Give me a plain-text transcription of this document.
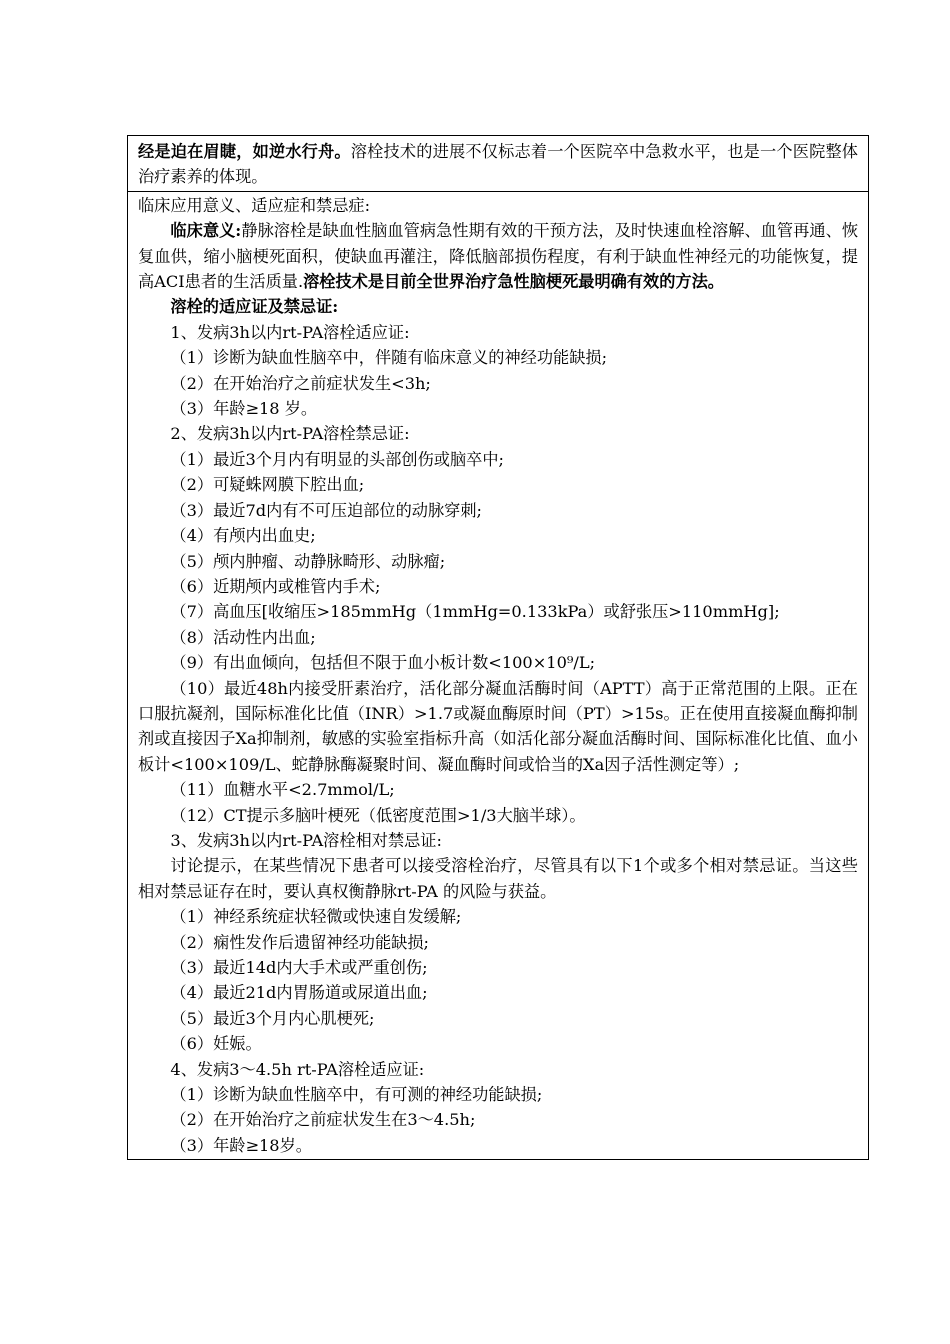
经是迫在眉睫，如逆水行舟。溶栓技术的进展不仅标志着一个医院卒中急救水平，也是一个医院整体治疗素养的体现。

临床应用意义、适应症和禁忌症:

临床意义:静脉溶栓是缺血性脑血管病急性期有效的干预方法，及时快速血栓溶解、血管再通、恢复血供，缩小脑梗死面积，使缺血再灌注，降低脑部损伤程度，有利于缺血性神经元的功能恢复，提高ACI患者的生活质量.溶栓技术是目前全世界治疗急性脑梗死最明确有效的方法。

溶栓的适应证及禁忌证:

1、发病3h以内rt-PA溶栓适应证:

（1）诊断为缺血性脑卒中，伴随有临床意义的神经功能缺损;

（2）在开始治疗之前症状发生<3h;

（3）年龄≥18 岁。

2、发病3h以内rt-PA溶栓禁忌证:

（1）最近3个月内有明显的头部创伤或脑卒中;

（2）可疑蛛网膜下腔出血;

（3）最近7d内有不可压迫部位的动脉穿刺;

（4）有颅内出血史;

（5）颅内肿瘤、动静脉畸形、动脉瘤;

（6）近期颅内或椎管内手术;

（7）高血压[收缩压>185mmHg（1mmHg=0.133kPa）或舒张压>110mmHg];

（8）活动性内出血;

（9）有出血倾向，包括但不限于血小板计数<100×10⁹/L;

（10）最近48h内接受肝素治疗，活化部分凝血活酶时间（APTT）高于正常范围的上限。正在口服抗凝剂，国际标准化比值（INR）>1.7或凝血酶原时间（PT）>15s。正在使用直接凝血酶抑制剂或直接因子Xa抑制剂，敏感的实验室指标升高（如活化部分凝血活酶时间、国际标准化比值、血小板计<100×109/L、蛇静脉酶凝聚时间、凝血酶时间或恰当的Xa因子活性测定等）;

（11）血糖水平<2.7mmol/L;

（12）CT提示多脑叶梗死（低密度范围>1/3大脑半球）。

3、发病3h以内rt-PA溶栓相对禁忌证:

讨论提示，在某些情况下患者可以接受溶栓治疗，尽管具有以下1个或多个相对禁忌证。当这些相对禁忌证存在时，要认真权衡静脉rt-PA 的风险与获益。

（1）神经系统症状轻微或快速自发缓解;

（2）痫性发作后遗留神经功能缺损;

（3）最近14d内大手术或严重创伤;

（4）最近21d内胃肠道或尿道出血;

（5）最近3个月内心肌梗死;

（6）妊娠。

4、发病3～4.5h rt-PA溶栓适应证:

（1）诊断为缺血性脑卒中，有可测的神经功能缺损;

（2）在开始治疗之前症状发生在3～4.5h;

（3）年龄≥18岁。
